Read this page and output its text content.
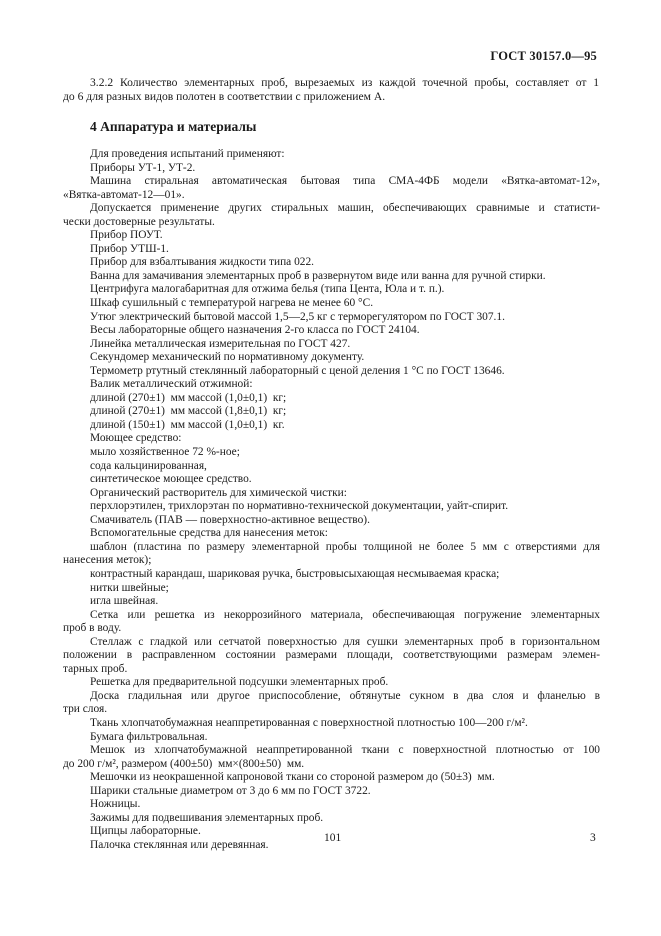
ГОСТ 30157.0—95
3.2.2 Количество элементарных проб, вырезаемых из каждой точечной пробы, составляет от 1
до 6 для разных видов полотен в соответствии с приложением А.
4 Аппаратура и материалы
Для проведения испытаний применяют:
Приборы УТ-1, УТ-2.
Машина стиральная автоматическая бытовая типа СМА-4ФБ модели «Вятка-автомат-12»,
«Вятка-автомат-12—01».
Допускается применение других стиральных машин, обеспечивающих сравнимые и статисти-
чески достоверные результаты.
Прибор ПОУТ.
Прибор УТШ-1.
Прибор для взбалтывания жидкости типа 022.
Ванна для замачивания элементарных проб в развернутом виде или ванна для ручной стирки.
Центрифуга малогабаритная для отжима белья (типа Цента, Юла и т. п.).
Шкаф сушильный с температурой нагрева не менее 60 °С.
Утюг электрический бытовой массой 1,5—2,5 кг с терморегулятором по ГОСТ 307.1.
Весы лабораторные общего назначения 2-го класса по ГОСТ 24104.
Линейка металлическая измерительная по ГОСТ 427.
Секундомер механический по нормативному документу.
Термометр ртутный стеклянный лабораторный с ценой деления 1 °С по ГОСТ 13646.
Валик металлический отжимной:
длиной (270±1)  мм массой (1,0±0,1)  кг;
длиной (270±1)  мм массой (1,8±0,1)  кг;
длиной (150±1)  мм массой (1,0±0,1)  кг.
Моющее средство:
мыло хозяйственное 72 %-ное;
сода кальцинированная,
синтетическое моющее средство.
Органический растворитель для химической чистки:
перхлорэтилен, трихлорэтан по нормативно-технической документации, уайт-спирит.
Смачиватель (ПАВ — поверхностно-активное вещество).
Вспомогательные средства для нанесения меток:
шаблон (пластина по размеру элементарной пробы толщиной не более 5 мм с отверстиями для
нанесения меток);
контрастный карандаш, шариковая ручка, быстровысыхающая несмываемая краска;
нитки швейные;
игла швейная.
Сетка или решетка из некоррозийного материала, обеспечивающая погружение элементарных
проб в воду.
Стеллаж с гладкой или сетчатой поверхностью для сушки элементарных проб в горизонтальном
положении в расправленном состоянии размерами площади, соответствующими размерам элемен-
тарных проб.
Решетка для предварительной подсушки элементарных проб.
Доска гладильная или другое приспособление, обтянутые сукном в два слоя и фланелью в
три слоя.
Ткань хлопчатобумажная неаппретированная с поверхностной плотностью 100—200 г/м².
Бумага фильтровальная.
Мешок из хлопчатобумажной неаппретированной ткани с поверхностной плотностью от 100
до 200 г/м², размером (400±50)  мм×(800±50)  мм.
Мешочки из неокрашенной капроновой ткани со стороной размером до (50±3)  мм.
Шарики стальные диаметром от 3 до 6 мм по ГОСТ 3722.
Ножницы.
Зажимы для подвешивания элементарных проб.
Щипцы лабораторные.
Палочка стеклянная или деревянная.
101	3
